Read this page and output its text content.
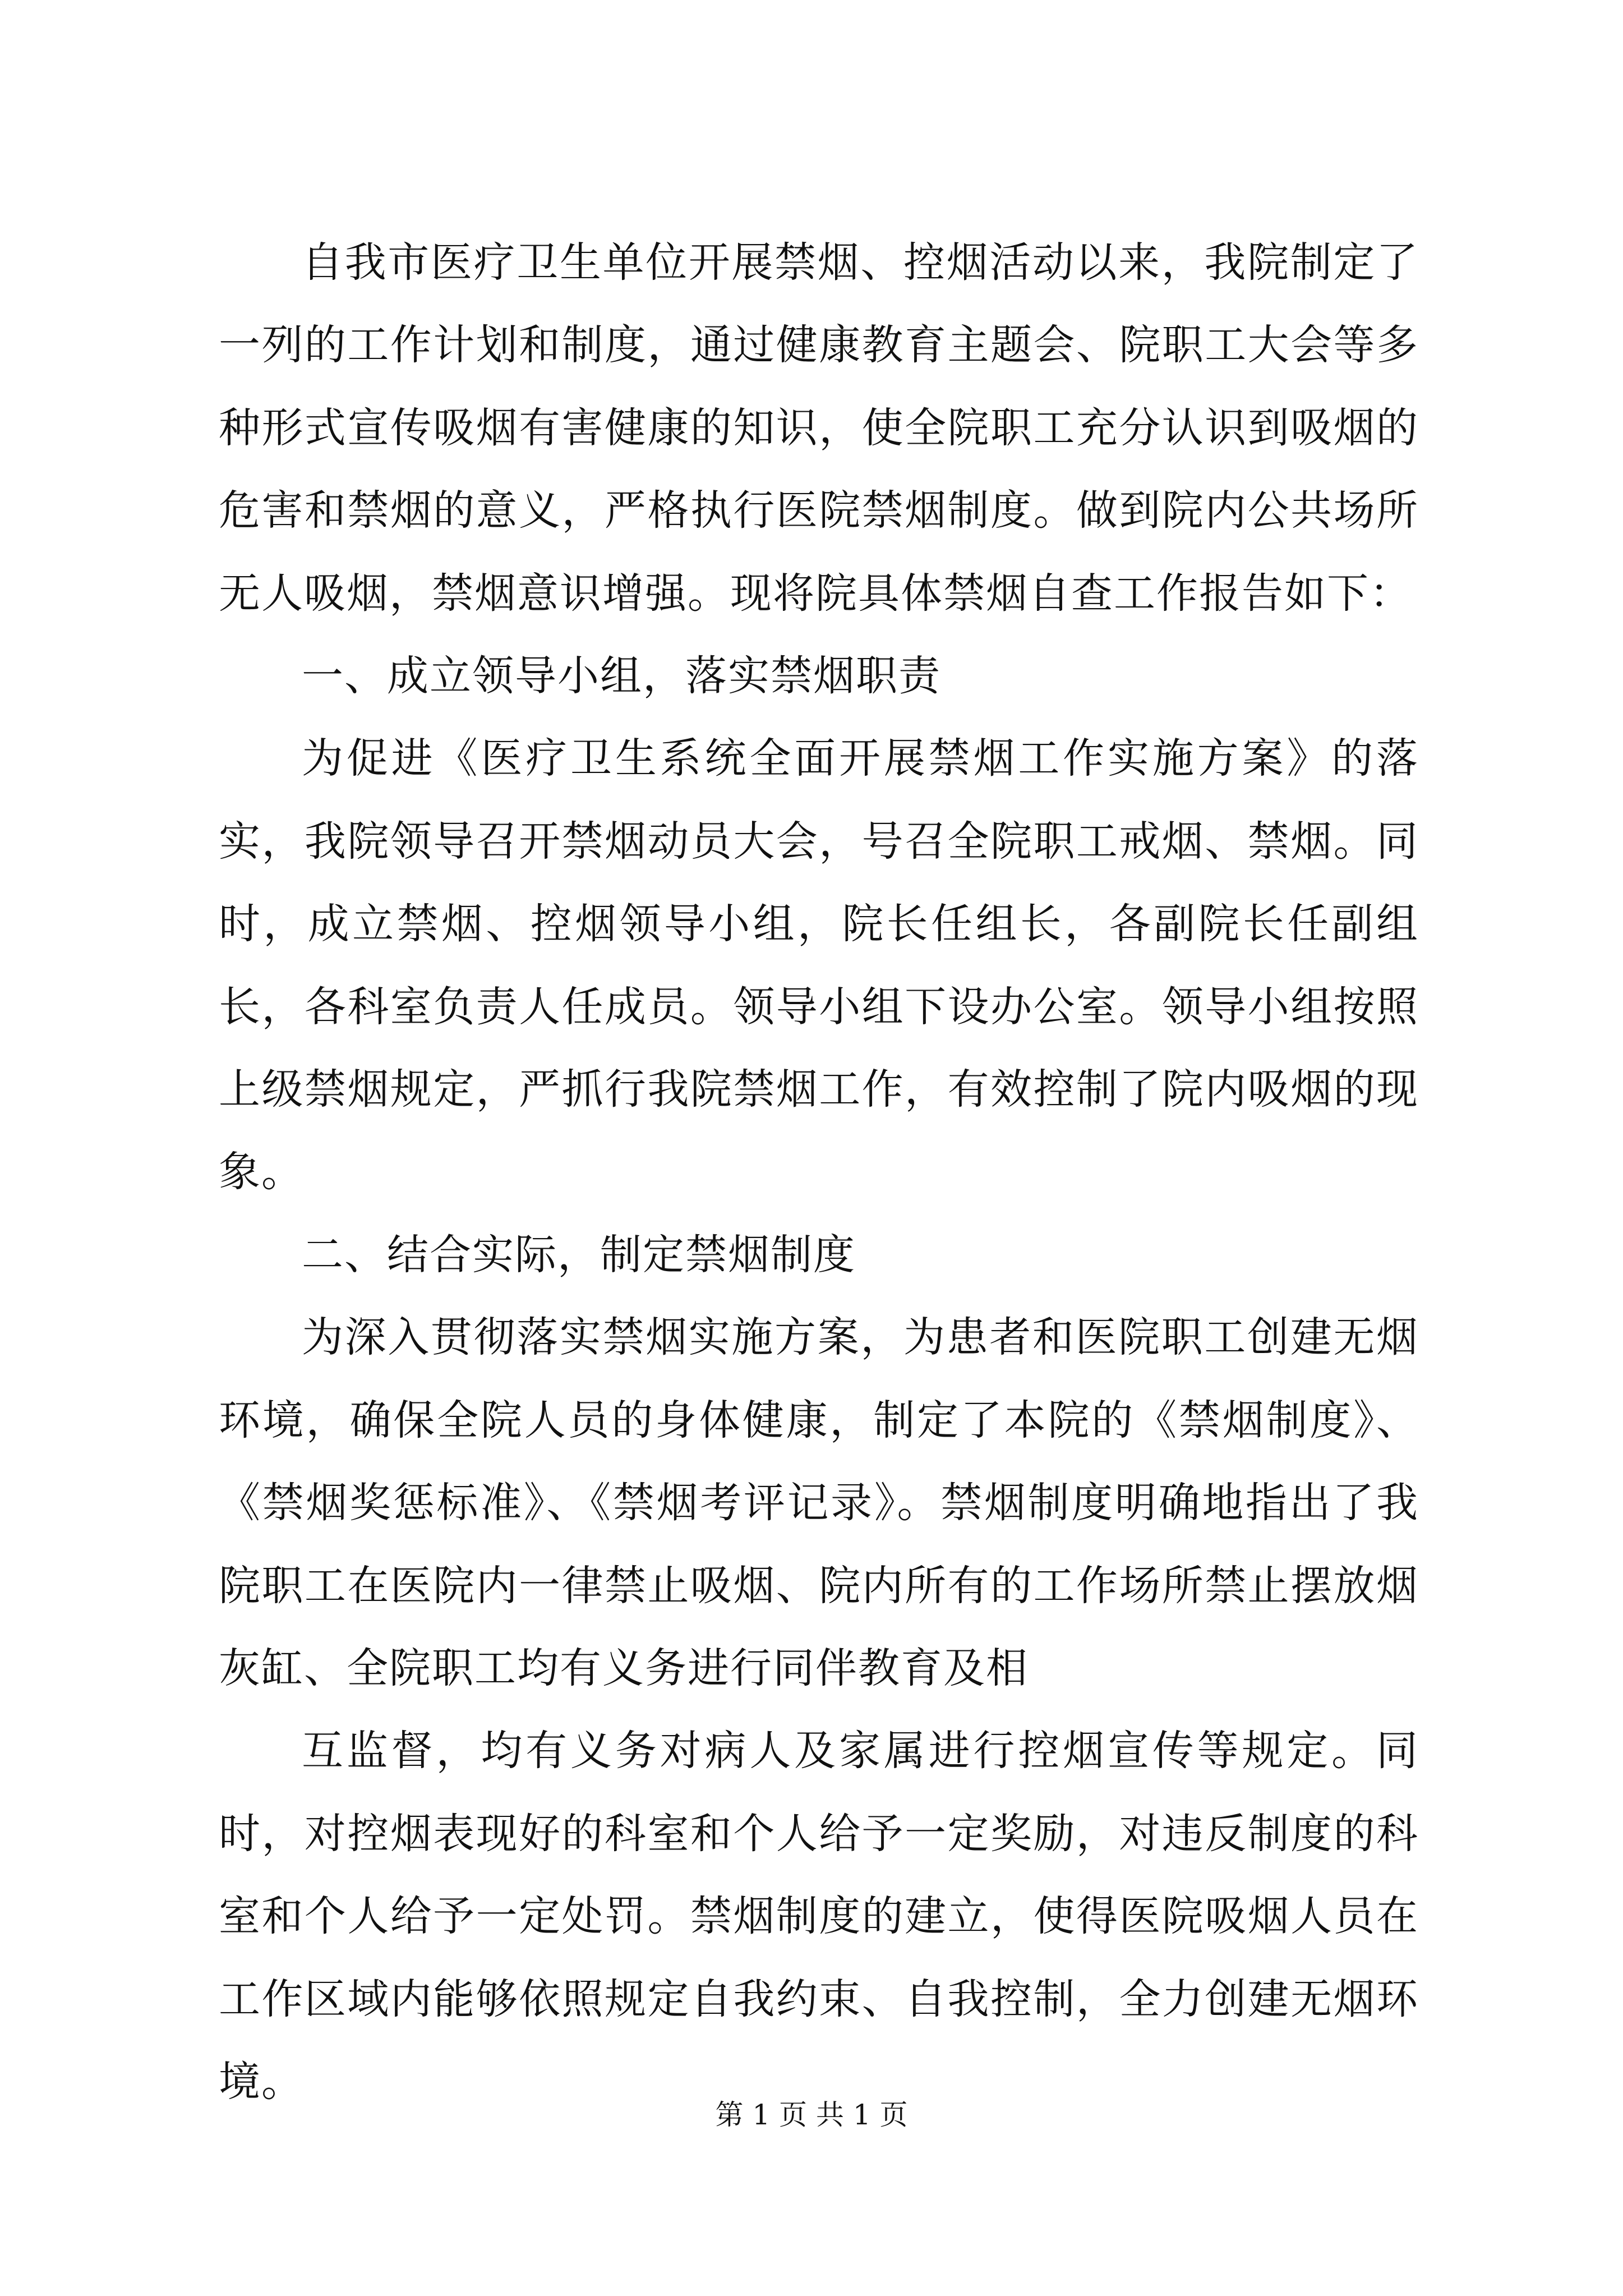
自我市医疗卫生单位开展禁烟、控烟活动以来，我院制定了一列的工作计划和制度，通过健康教育主题会、院职工大会等多种形式宣传吸烟有害健康的知识，使全院职工充分认识到吸烟的危害和禁烟的意义，严格执行医院禁烟制度。做到院内公共场所无人吸烟，禁烟意识增强。现将院具体禁烟自查工作报告如下：

一、成立领导小组，落实禁烟职责

为促进《医疗卫生系统全面开展禁烟工作实施方案》的落实，我院领导召开禁烟动员大会，号召全院职工戒烟、禁烟。同时，成立禁烟、控烟领导小组，院长任组长，各副院长任副组长，各科室负责人任成员。领导小组下设办公室。领导小组按照上级禁烟规定，严抓行我院禁烟工作，有效控制了院内吸烟的现象。

二、结合实际，制定禁烟制度

为深入贯彻落实禁烟实施方案，为患者和医院职工创建无烟环境，确保全院人员的身体健康，制定了本院的《禁烟制度》、《禁烟奖惩标准》、《禁烟考评记录》。禁烟制度明确地指出了我院职工在医院内一律禁止吸烟、院内所有的工作场所禁止摆放烟灰缸、全院职工均有义务进行同伴教育及相

互监督，均有义务对病人及家属进行控烟宣传等规定。同时，对控烟表现好的科室和个人给予一定奖励，对违反制度的科室和个人给予一定处罚。禁烟制度的建立，使得医院吸烟人员在工作区域内能够依照规定自我约束、自我控制，全力创建无烟环境。

第 1 页 共 1 页
